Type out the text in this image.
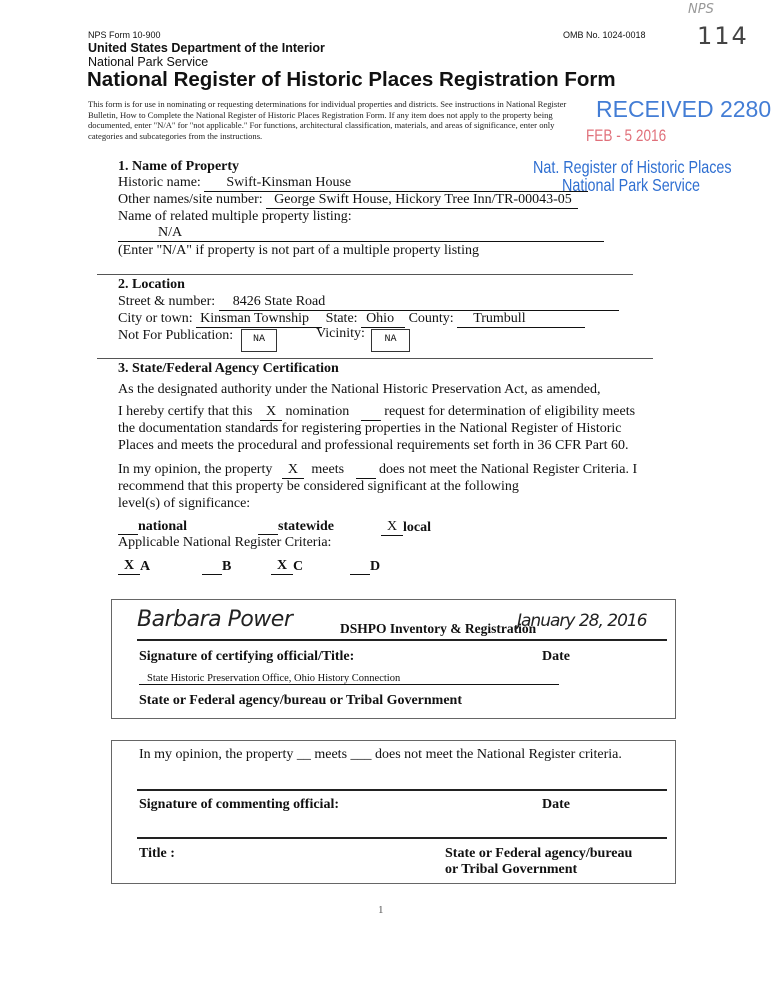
NPS
114
NPS Form 10-900	OMB No. 1024-0018
United States Department of the Interior
National Park Service
National Register of Historic Places Registration Form
This form is for use in nominating or requesting determinations for individual properties and districts. See instructions in National Register
Bulletin, How to Complete the National Register of Historic Places Registration Form. If any item does not apply to the property being
documented, enter "N/A" for "not applicable." For functions, architectural classification, materials, and areas of significance, enter only
categories and subcategories from the instructions.
RECEIVED 2280
FEB - 5 2016
Nat. Register of Historic Places
National Park Service
1. Name of Property
Historic name: Swift-Kinsman House
Other names/site number: George Swift House, Hickory Tree Inn/TR-00043-05
Name of related multiple property listing:
N/A
(Enter "N/A" if property is not part of a multiple property listing
2. Location
Street & number: 8426 State Road
City or town: Kinsman Township State: Ohio County: Trumbull
Not For Publication:	NA	Vicinity:	NA
3. State/Federal Agency Certification
As the designated authority under the National Historic Preservation Act, as amended,
I hereby certify that this X nomination	request for determination of eligibility meets
the documentation standards for registering properties in the National Register of Historic
Places and meets the procedural and professional requirements set forth in 36 CFR Part 60.
In my opinion, the property X meets	does not meet the National Register Criteria. I
recommend that this property be considered significant at the following
level(s) of significance:
national	statewide	X local
Applicable National Register Criteria:
X A	B	X C	D
Barbara Power	DSHPO Inventory & Registration
January 28, 2016
Signature of certifying official/Title:	Date
State Historic Preservation Office, Ohio History Connection
State or Federal agency/bureau or Tribal Government
In my opinion, the property __ meets ___ does not meet the National Register criteria.
Signature of commenting official:	Date
Title :	State or Federal agency/bureau
or Tribal Government
1
